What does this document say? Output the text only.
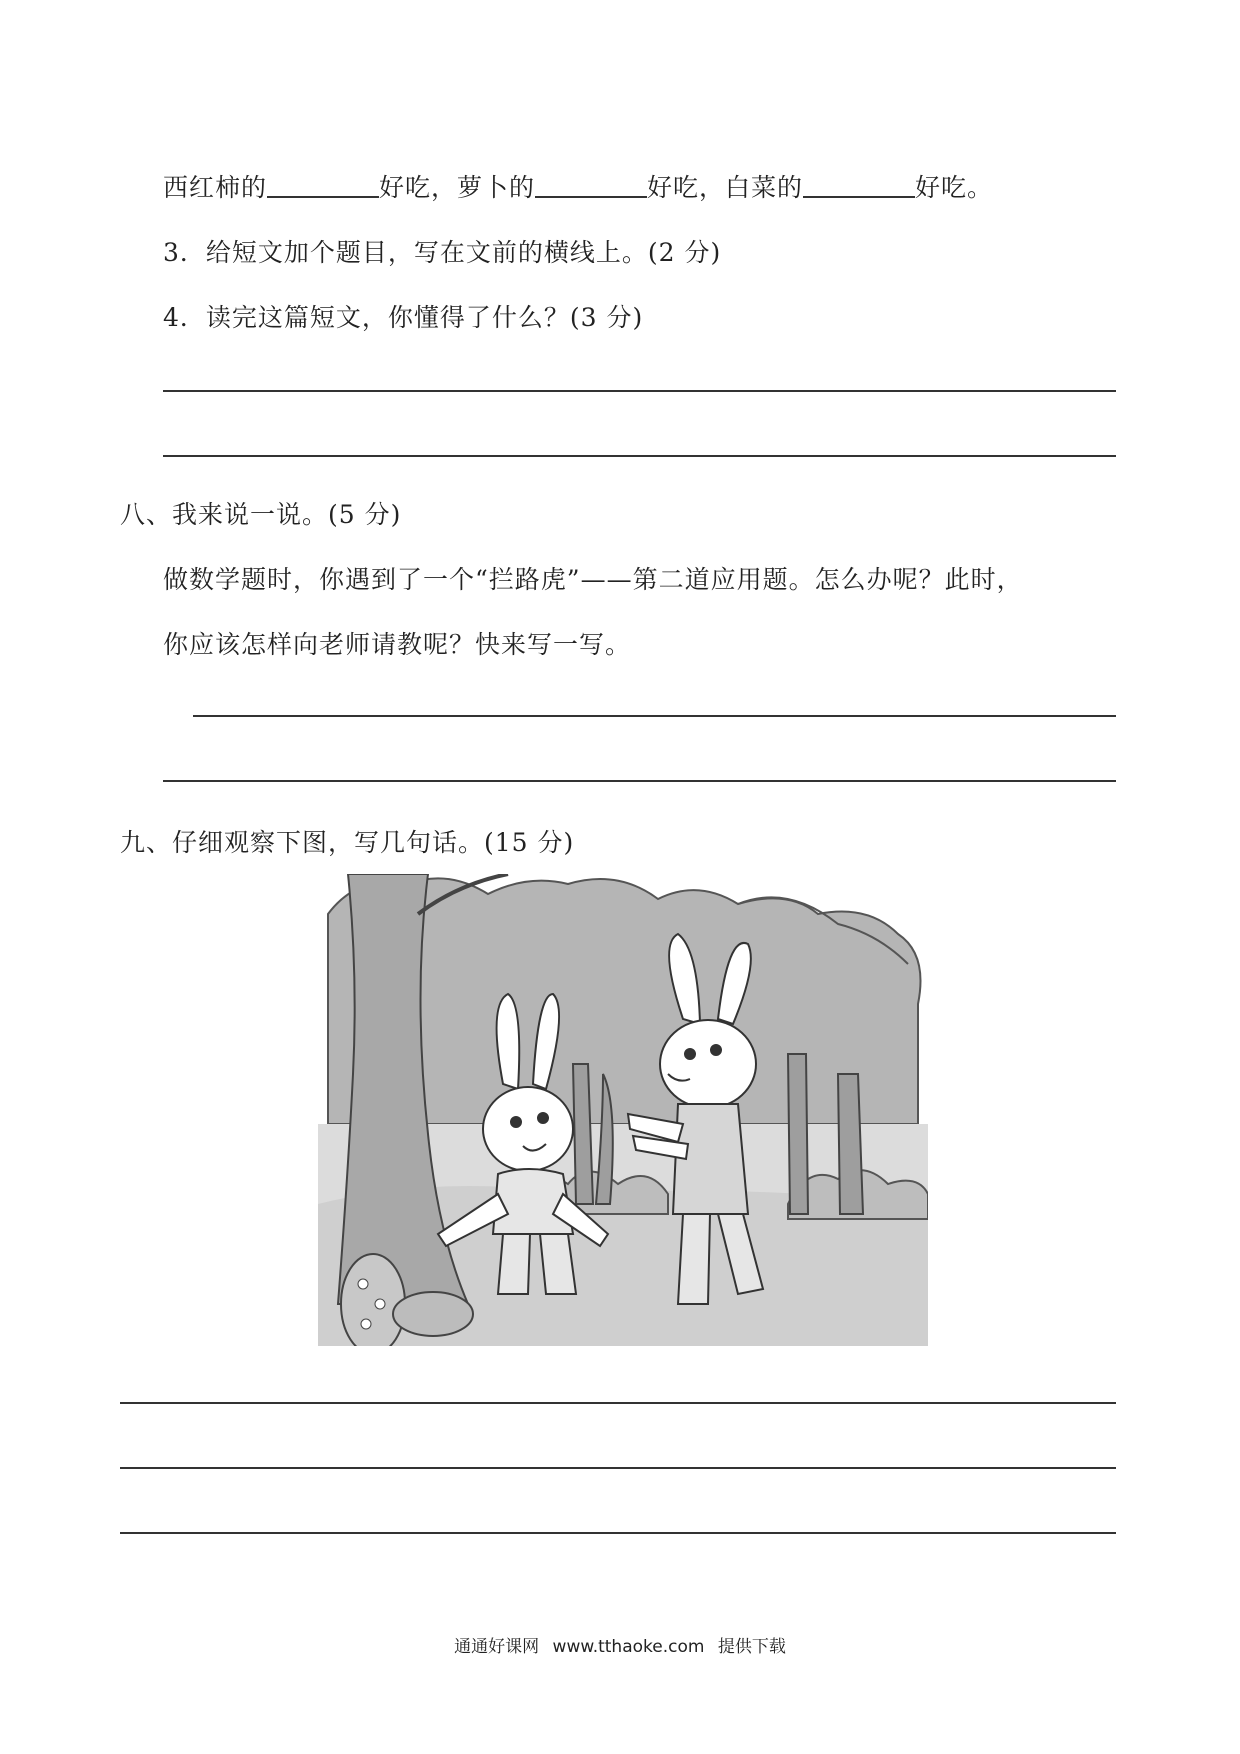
西红柿的	好吃，萝卜的	好吃，白菜的	好吃。
3．给短文加个题目，写在文前的横线上。(2 分)
4．读完这篇短文，你懂得了什么？(3 分)
八、我来说一说。(5 分)
做数学题时，你遇到了一个“拦路虎”——第二道应用题。怎么办呢？此时，
你应该怎样向老师请教呢？快来写一写。
九、仔细观察下图，写几句话。(15 分)
通通好课网 www.tthaoke.com 提供下载
